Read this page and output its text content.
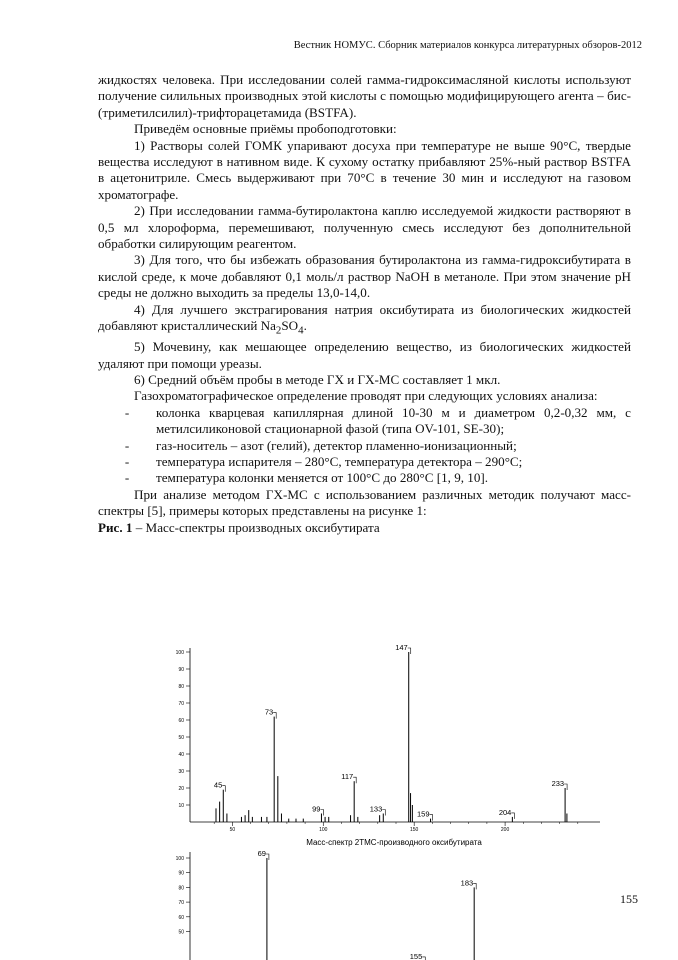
Вестник НОМУС. Сборник материалов конкурса литературных обзоров-2012

жидкостях человека. При исследовании солей гамма-гидроксимасляной кислоты используют получение силильных производных этой кислоты с помощью модифицирующего агента – бис-(триметилсилил)-трифторацетамида (BSTFA).

Приведём основные приёмы пробоподготовки:

1) Растворы солей ГОМК упаривают досуха при температуре не выше 90°C, твердые вещества исследуют в нативном виде. К сухому остатку прибавляют 25%-ный раствор BSTFA в ацетонитриле. Смесь выдерживают при 70°C в течение 30 мин и исследуют на газовом хроматографе.

2) При исследовании гамма-бутиролактона каплю исследуемой жидкости растворяют в 0,5 мл хлороформа, перемешивают, полученную смесь исследуют без дополнительной обработки силирующим реагентом.

3) Для того, что бы избежать образования бутиролактона из гамма-гидроксибутирата в кислой среде, к моче добавляют 0,1 моль/л раствор NaOH в метаноле. При этом значение pH среды не должно выходить за пределы 13,0-14,0.

4) Для лучшего экстрагирования натрия оксибутирата из биологических жидкостей добавляют кристаллический $Na_2SO_4$.

5) Мочевину, как мешающее определению вещество, из биологических жидкостей удаляют при помощи уреазы.

6) Средний объём пробы в методе ГХ и ГХ-МС составляет 1 мкл.

Газохроматографическое определение проводят при следующих условиях анализа:

-	колонка кварцевая капиллярная длиной 10-30 м и диаметром 0,2-0,32 мм, с метилсиликоновой стационарной фазой (типа OV-101, SE-30);
-	газ-носитель – азот (гелий), детектор пламенно-ионизационный;
-	температура испарителя – 280°C, температура детектора – 290°C;
-	температура колонки меняется от 100°C до 280°C [1, 9, 10].

При анализе методом ГХ-МС с использованием различных методик получают масс-спектры [5], примеры которых представлены на рисунке 1:

Рис. 1 – Масс-спектры производных оксибутирата

10
20
30
40
50
60
70
80
90
100
50	100	150	200
45
73
99
117
133
147
159	204
233
Масс-спектр 2TMC-производного оксибутирата
50
60
70
80
90
100
69
155
183
155
